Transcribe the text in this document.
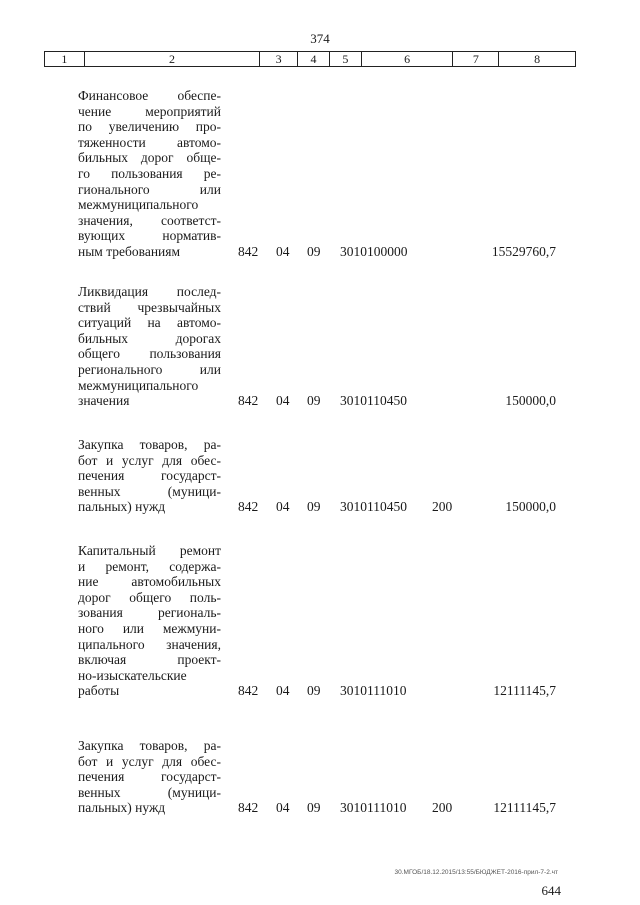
374
1	2	3	4	5	6	7	8
Финансовое обеспе-
чение мероприятий
по увеличению про-
тяженности автомо-
бильных дорог обще-
го пользования ре-
гионального или
межмуниципального
значения, соответст-
вующих норматив-
ным требованиям	842 04 09 3010100000	15529760,7
Ликвидация послед-
ствий чрезвычайных
ситуаций на автомо-
бильных дорогах
общего пользования
регионального или
межмуниципального
значения	842 04 09 3010110450	150000,0
Закупка товаров, ра-
бот и услуг для обес-
печения государст-
венных (муници-
пальных) нужд	842 04 09 3010110450 200	150000,0
Капитальный ремонт
и ремонт, содержа-
ние автомобильных
дорог общего поль-
зования региональ-
ного или межмуни-
ципального значения,
включая проект-
но-изыскательские
работы	842 04 09 3010111010	12111145,7
Закупка товаров, ра-
бот и услуг для обес-
печения государст-
венных (муници-
пальных) нужд	842 04 09 3010111010 200	12111145,7
30.МГОБ/18.12.2015/13:55/БЮДЖЕТ-2016-прил-7-2.чт
644
